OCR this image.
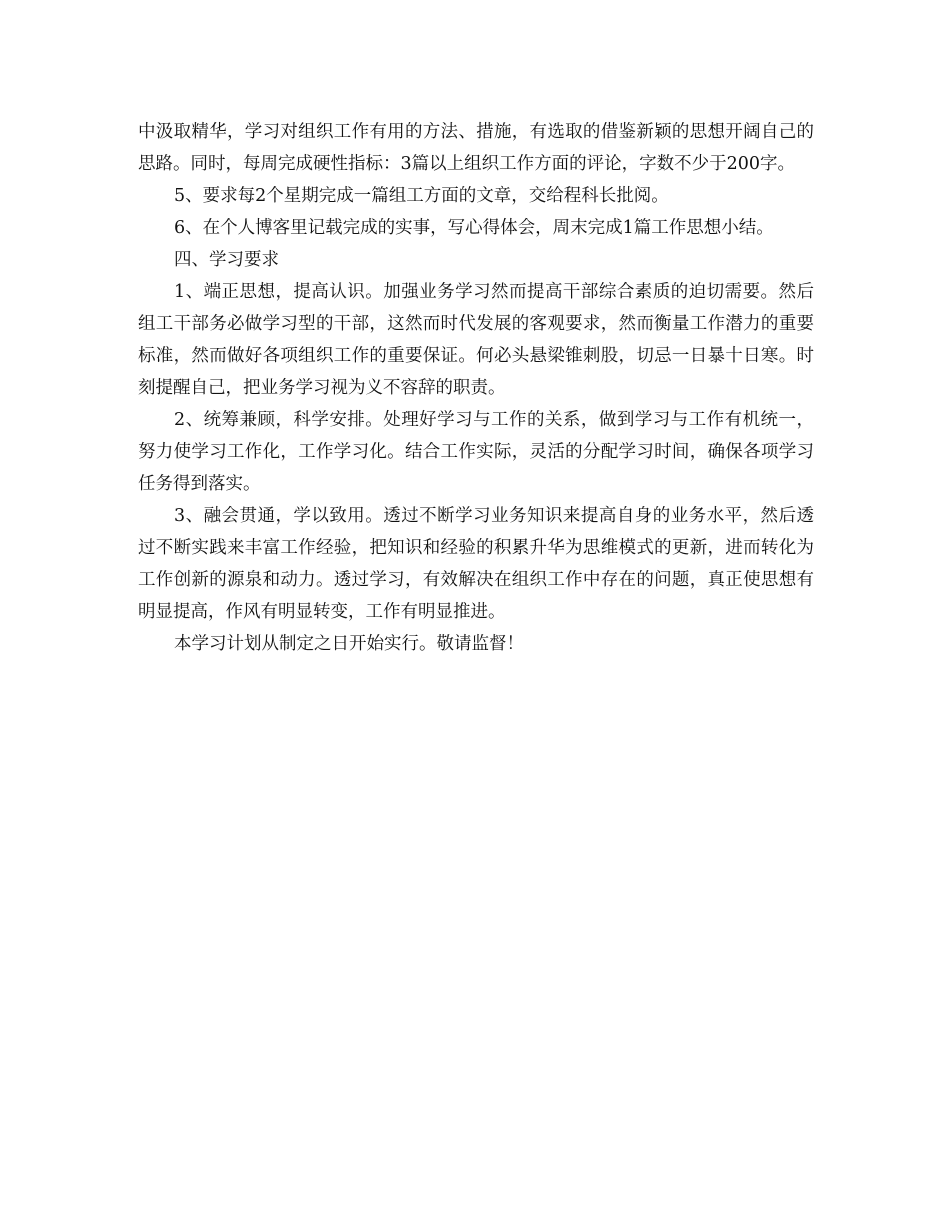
中汲取精华，学习对组织工作有用的方法、措施，有选取的借鉴新颖的思想开阔自己的思路。同时，每周完成硬性指标：3篇以上组织工作方面的评论，字数不少于200字。

5、要求每2个星期完成一篇组工方面的文章，交给程科长批阅。

6、在个人博客里记载完成的实事，写心得体会，周末完成1篇工作思想小结。

四、学习要求

1、端正思想，提高认识。加强业务学习然而提高干部综合素质的迫切需要。然后组工干部务必做学习型的干部，这然而时代发展的客观要求，然而衡量工作潜力的重要标准，然而做好各项组织工作的重要保证。何必头悬梁锥刺股，切忌一日暴十日寒。时刻提醒自己，把业务学习视为义不容辞的职责。

2、统筹兼顾，科学安排。处理好学习与工作的关系，做到学习与工作有机统一，努力使学习工作化，工作学习化。结合工作实际，灵活的分配学习时间，确保各项学习任务得到落实。

3、融会贯通，学以致用。透过不断学习业务知识来提高自身的业务水平，然后透过不断实践来丰富工作经验，把知识和经验的积累升华为思维模式的更新，进而转化为工作创新的源泉和动力。透过学习，有效解决在组织工作中存在的问题，真正使思想有明显提高，作风有明显转变，工作有明显推进。

本学习计划从制定之日开始实行。敬请监督！
